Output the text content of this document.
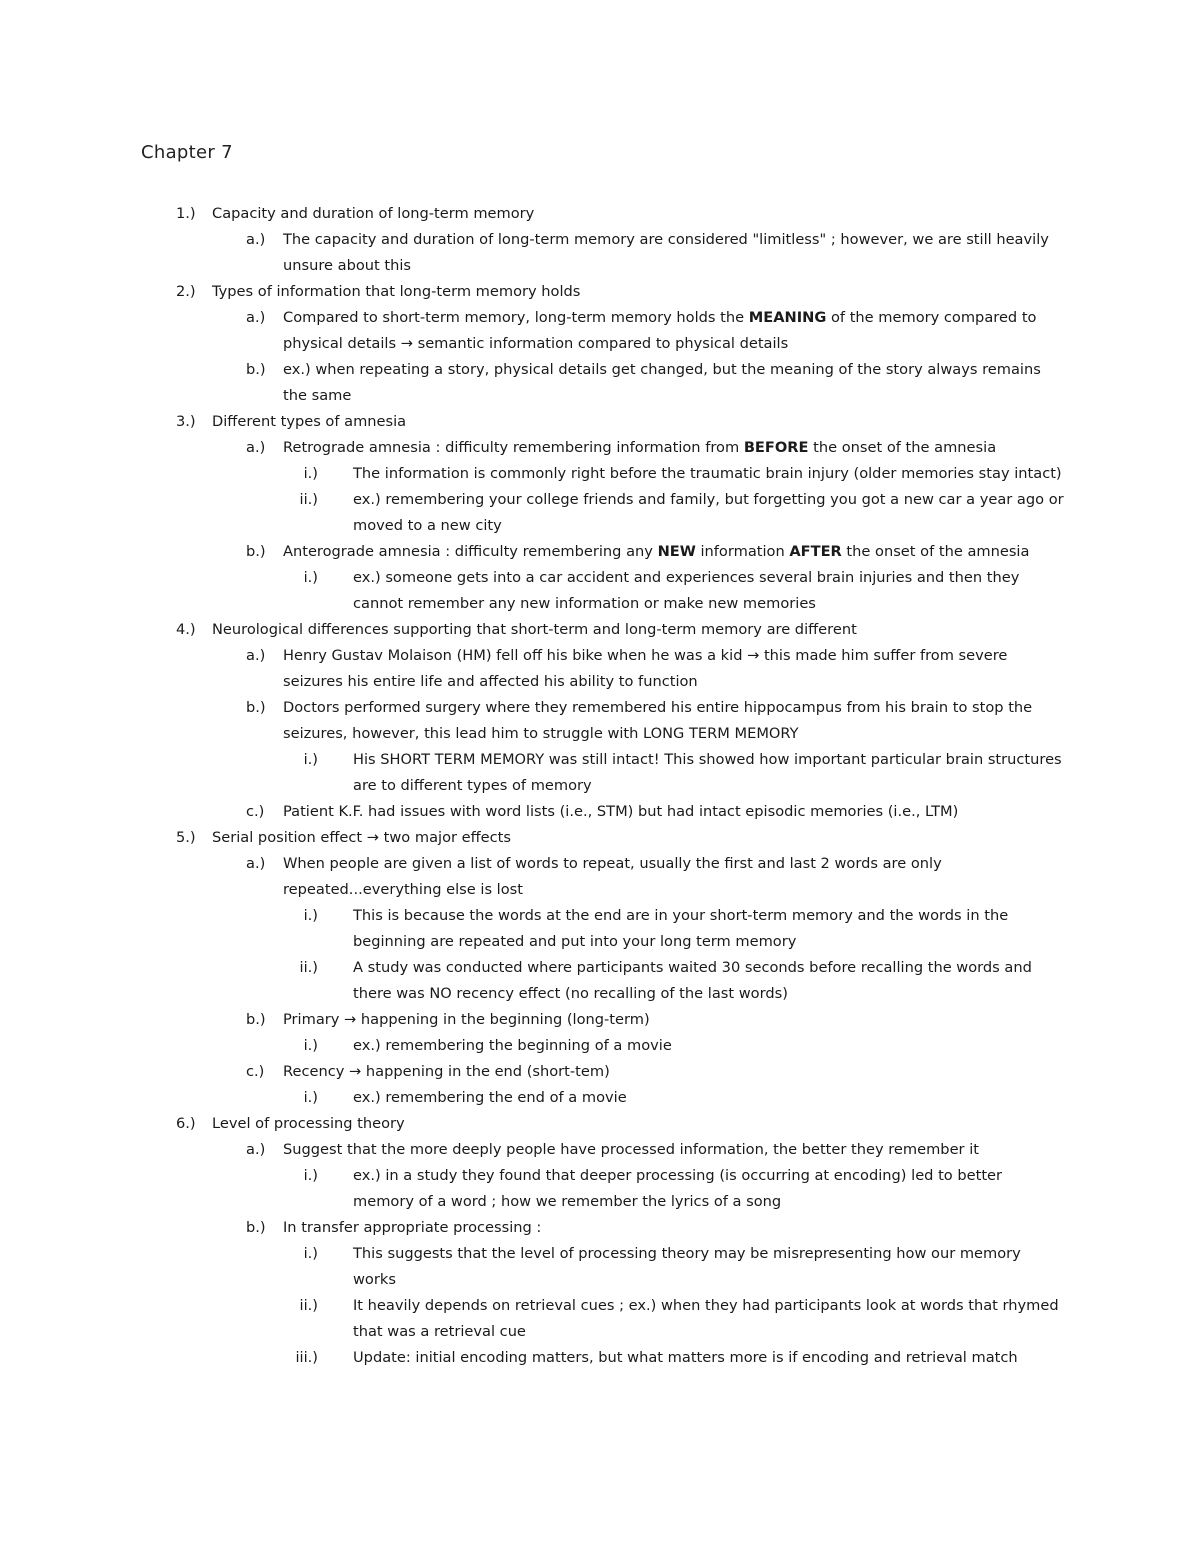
Chapter 7
1.) Capacity and duration of long-term memory
a.) The capacity and duration of long-term memory are considered "limitless" ; however, we are still heavily unsure about this
2.) Types of information that long-term memory holds
a.) Compared to short-term memory, long-term memory holds the MEANING of the memory compared to physical details → semantic information compared to physical details
b.) ex.) when repeating a story, physical details get changed, but the meaning of the story always remains the same
3.) Different types of amnesia
a.) Retrograde amnesia : difficulty remembering information from BEFORE the onset of the amnesia
i.) The information is commonly right before the traumatic brain injury (older memories stay intact)
ii.) ex.) remembering your college friends and family, but forgetting you got a new car a year ago or moved to a new city
b.) Anterograde amnesia : difficulty remembering any NEW information AFTER the onset of the amnesia
i.) ex.) someone gets into a car accident and experiences several brain injuries and then they cannot remember any new information or make new memories
4.) Neurological differences supporting that short-term and long-term memory are different
a.) Henry Gustav Molaison (HM) fell off his bike when he was a kid → this made him suffer from severe seizures his entire life and affected his ability to function
b.) Doctors performed surgery where they remembered his entire hippocampus from his brain to stop the seizures, however, this lead him to struggle with LONG TERM MEMORY
i.) His SHORT TERM MEMORY was still intact! This showed how important particular brain structures are to different types of memory
c.) Patient K.F. had issues with word lists (i.e., STM) but had intact episodic memories (i.e., LTM)
5.) Serial position effect → two major effects
a.) When people are given a list of words to repeat, usually the first and last 2 words are only repeated...everything else is lost
i.) This is because the words at the end are in your short-term memory and the words in the beginning are repeated and put into your long term memory
ii.) A study was conducted where participants waited 30 seconds before recalling the words and there was NO recency effect (no recalling of the last words)
b.) Primary → happening in the beginning (long-term)
i.) ex.) remembering the beginning of a movie
c.) Recency → happening in the end (short-tem)
i.) ex.) remembering the end of a movie
6.) Level of processing theory
a.) Suggest that the more deeply people have processed information, the better they remember it
i.) ex.) in a study they found that deeper processing (is occurring at encoding) led to better memory of a word ; how we remember the lyrics of a song
b.) In transfer appropriate processing :
i.) This suggests that the level of processing theory may be misrepresenting how our memory works
ii.) It heavily depends on retrieval cues ; ex.) when they had participants look at words that rhymed that was a retrieval cue
iii.) Update: initial encoding matters, but what matters more is if encoding and retrieval match
